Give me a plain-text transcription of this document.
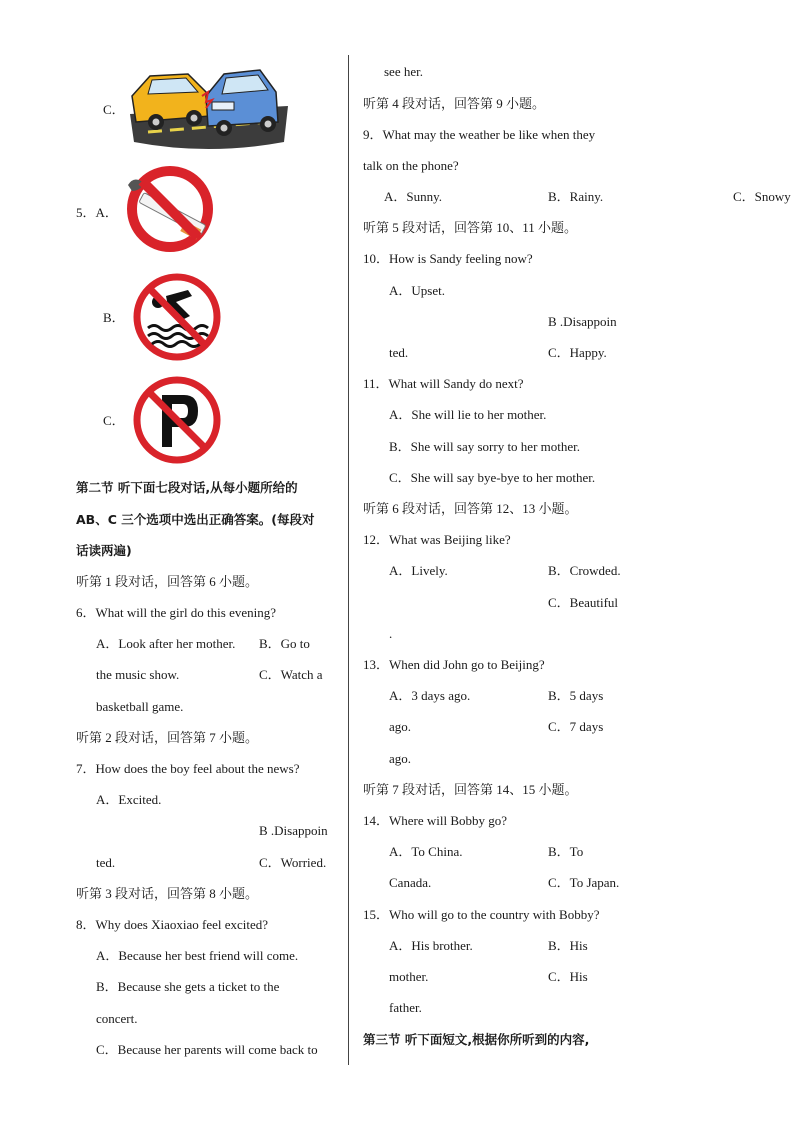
C．
5．A．
B．
C．
第二节 听下面七段对话,从每小题所给的
AB、C 三个选项中选出正确答案。(每段对
话读两遍)
听第 1 段对话，回答第 6 小题。
6．What will the girl do this evening?
A．Look after her mother. B．Go to
the music show.	C．Watch a
basketball game.
听第 2 段对话，回答第 7 小题。
7．How does the boy feel about the news?
A．Excited.
B .Disappoin
ted.	C．Worried.
听第 3 段对话，回答第 8 小题。
8．Why does Xiaoxiao feel excited?
A．Because her best friend will come.
B．Because she gets a ticket to the
concert.
C．Because her parents will come back to
see her.
听第 4 段对话，回答第 9 小题。
9．What may the weather be like when they
talk on the phone?
A．Sunny.	B．Rainy.	C．Snowy
听第 5 段对话，回答第 10、11 小题。
10．How is Sandy feeling now?
A．Upset.
B .Disappoin
ted.	C．Happy.
11．What will Sandy do next?
A．She will lie to her mother.
B．She will say sorry to her mother.
C．She will say bye-bye to her mother.
听第 6 段对话，回答第 12、13 小题。
12．What was Beijing like?
A．Lively.	B．Crowded.
C．Beautiful
.
13．When did John go to Beijing?
A．3 days ago.	B．5 days
ago.	C．7 days
ago.
听第 7 段对话，回答第 14、15 小题。
14．Where will Bobby go?
A．To China.	B．To
Canada.	C．To Japan.
15．Who will go to the country with Bobby?
A．His brother.	B．His
mother.	C．His
father.
第三节 听下面短文,根据你所听到的内容,
